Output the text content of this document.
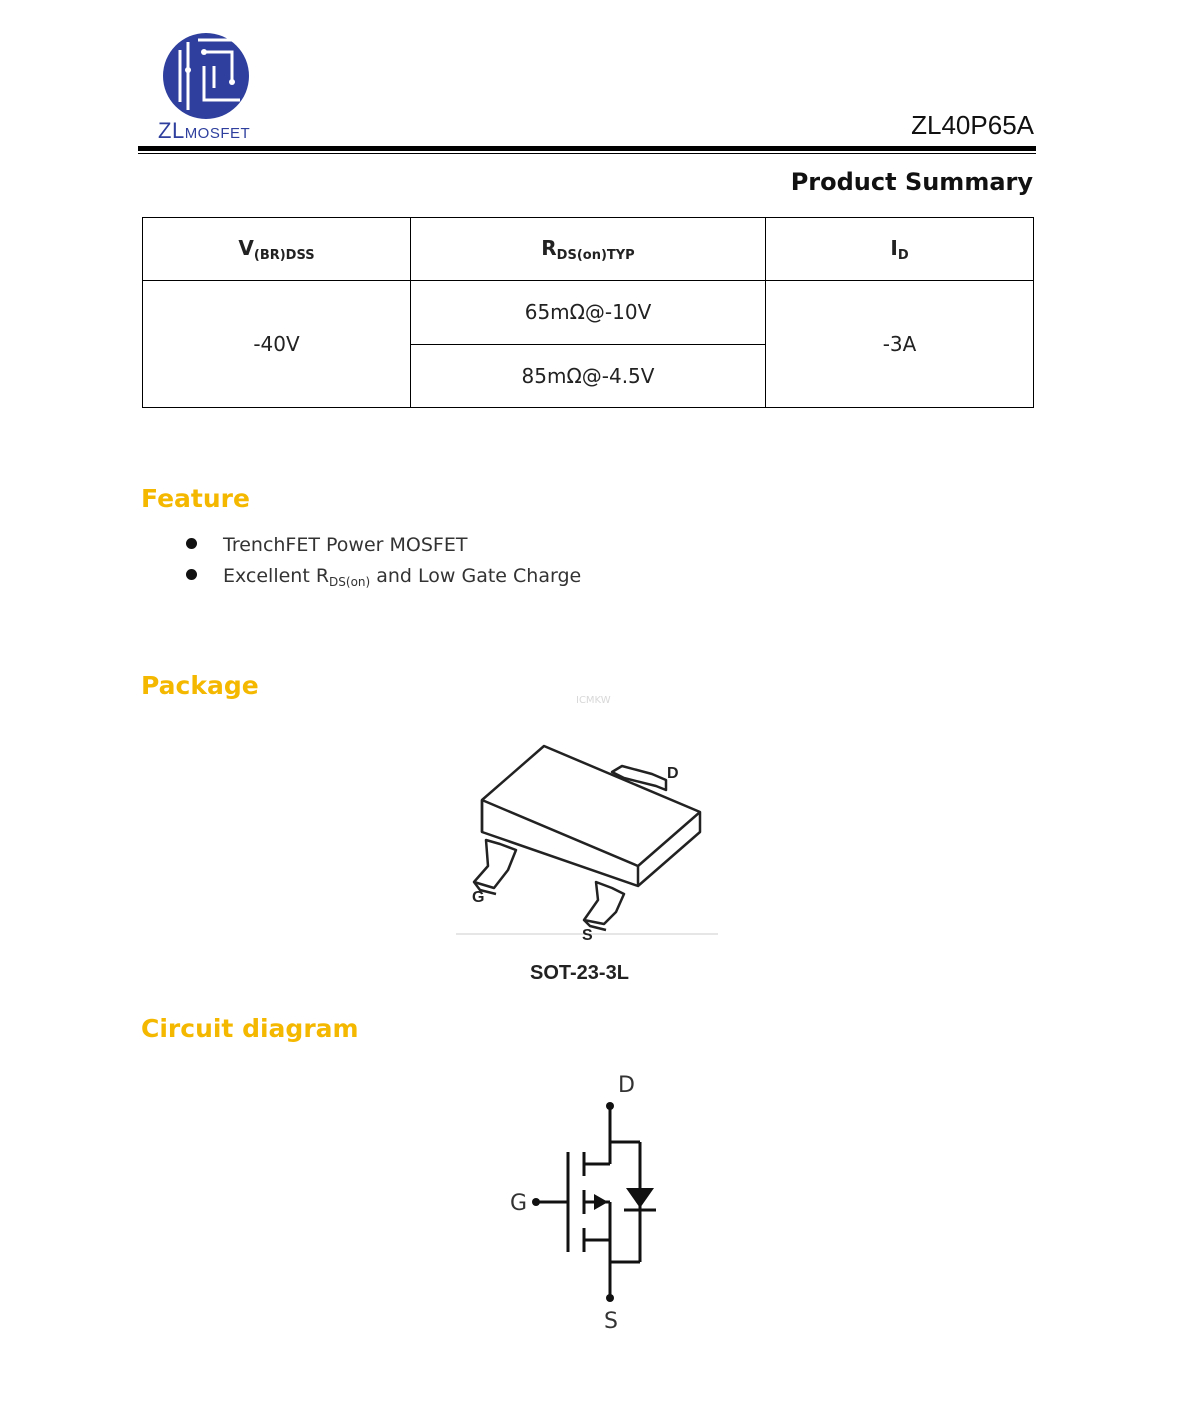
ZLMOSFET	ZL40P65A
Product Summary
$V_{(BR)DSS}$	$R_{DS(on)TYP}$	$I_D$
-40V	65mΩ@-10V	-3A
	85mΩ@-4.5V	
Feature
TrenchFET Power MOSFET
Excellent $R_{DS(on)}$ and Low Gate Charge
Package
ICMKW
D
G
S
SOT-23-3L
Circuit diagram
D
G
S
